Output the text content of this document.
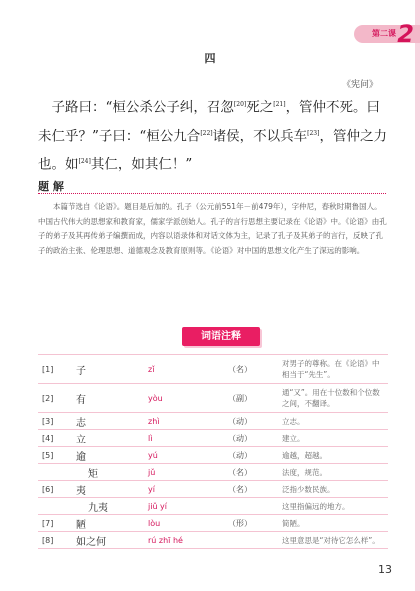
第二课 2
四
《宪问》

子路曰：“桓公杀公子纠，召忽[20]死之[21]，管仲不死。曰未仁乎？”子曰：“桓公九合[22]诸侯，不以兵车[23]，管仲之力也。如[24]其仁，如其仁！”

题 解

本篇节选自《论语》。题目是后加的。孔子（公元前551年－前479年），字仲尼，春秋时期鲁国人。中国古代伟大的思想家和教育家，儒家学派创始人。孔子的言行思想主要记录在《论语》中。《论语》由孔子的弟子及其再传弟子编撰而成，内容以语录体和对话文体为主，记录了孔子及其弟子的言行，反映了孔子的政治主张、伦理思想、道德观念及教育原则等。《论语》对中国的思想文化产生了深远的影响。

词语注释
[1]	子	zǐ	（名）	对男子的尊称。在《论语》中相当于“先生”。
[2]	有	yòu	（副）	通“又”。用在十位数和个位数之间，不翻译。
[3]	志	zhì	（动）	立志。
[4]	立	lì	（动）	建立。
[5]	逾	yú	（动）	逾越，超越。
	矩	jǔ	（名）	法度，规范。
[6]	夷	yí	（名）	泛指少数民族。
	九夷	jiǔ yí		这里指偏远的地方。
[7]	陋	lòu	（形）	简陋。
[8]	如之何	rú zhī hé		这里意思是“对待它怎么样”。
13
